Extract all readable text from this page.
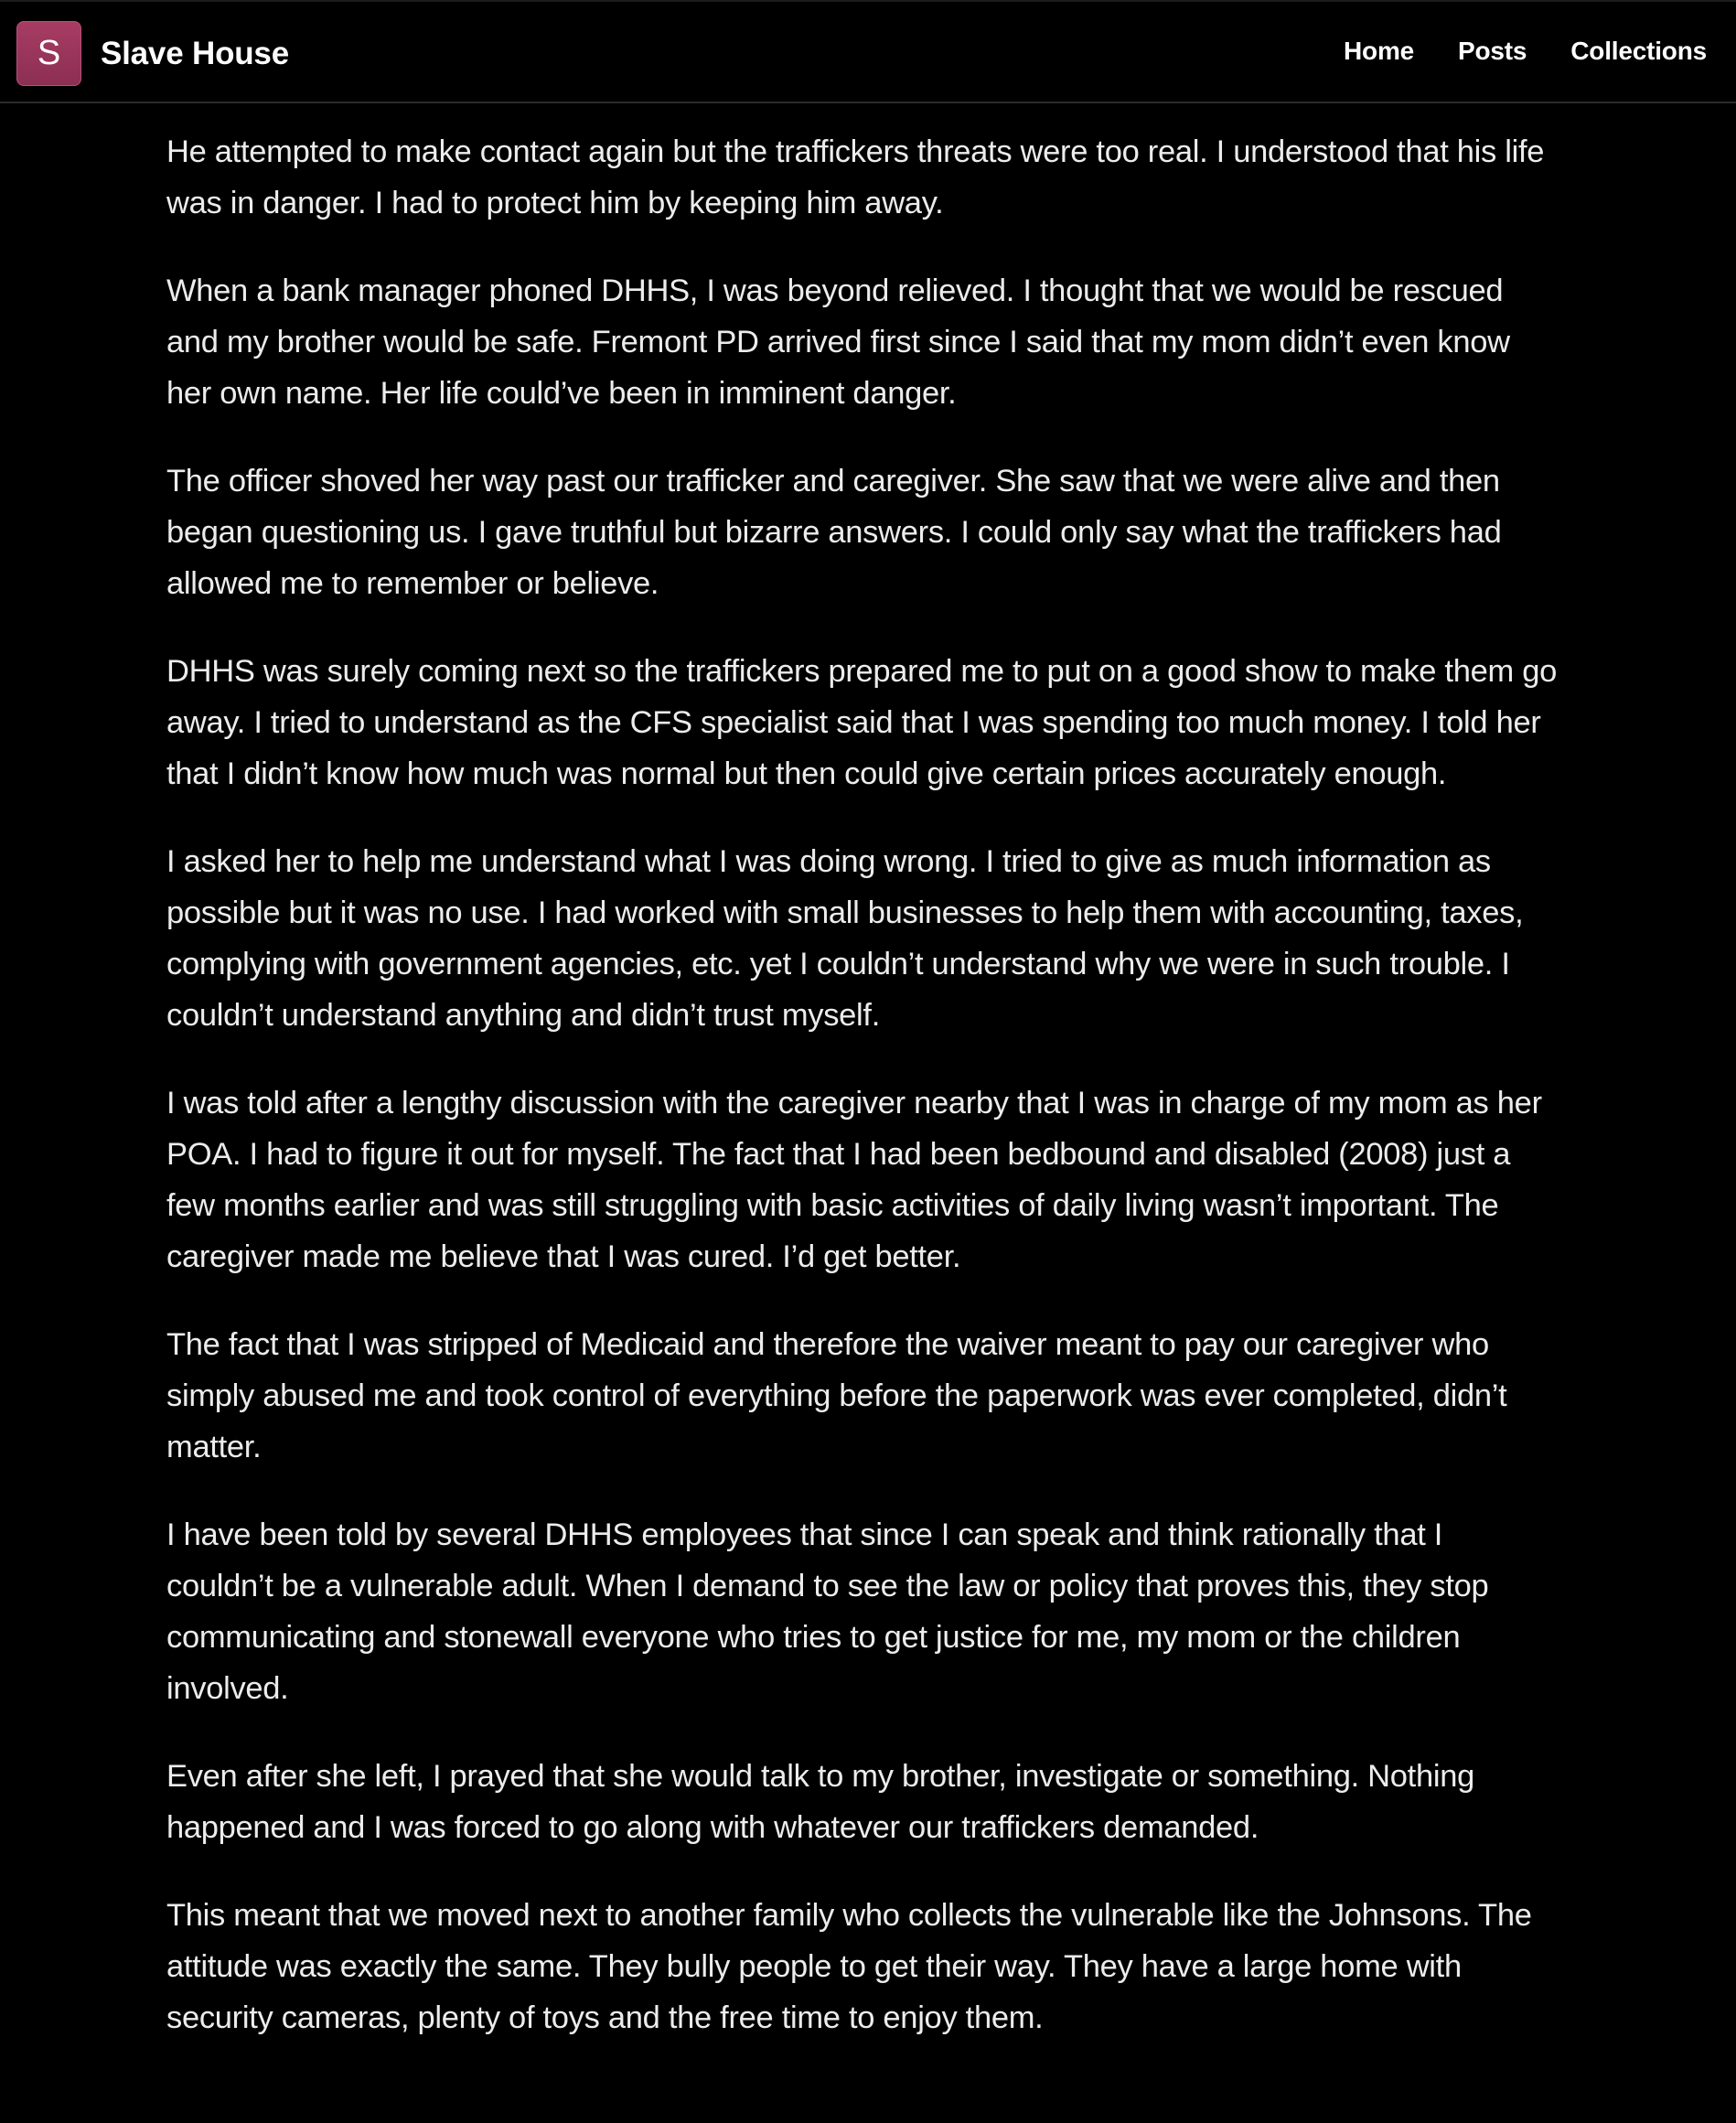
S Slave House	Home Posts Collections

He attempted to make contact again but the traffickers threats were too real. I understood that his life was in danger. I had to protect him by keeping him away.

When a bank manager phoned DHHS, I was beyond relieved. I thought that we would be rescued and my brother would be safe. Fremont PD arrived first since I said that my mom didn’t even know her own name. Her life could’ve been in imminent danger.

The officer shoved her way past our trafficker and caregiver. She saw that we were alive and then began questioning us. I gave truthful but bizarre answers. I could only say what the traffickers had allowed me to remember or believe.

DHHS was surely coming next so the traffickers prepared me to put on a good show to make them go away. I tried to understand as the CFS specialist said that I was spending too much money. I told her that I didn’t know how much was normal but then could give certain prices accurately enough.

I asked her to help me understand what I was doing wrong. I tried to give as much information as possible but it was no use. I had worked with small businesses to help them with accounting, taxes, complying with government agencies, etc. yet I couldn’t understand why we were in such trouble. I couldn’t understand anything and didn’t trust myself.

I was told after a lengthy discussion with the caregiver nearby that I was in charge of my mom as her POA. I had to figure it out for myself. The fact that I had been bedbound and disabled (2008) just a few months earlier and was still struggling with basic activities of daily living wasn’t important. The caregiver made me believe that I was cured. I’d get better.

The fact that I was stripped of Medicaid and therefore the waiver meant to pay our caregiver who simply abused me and took control of everything before the paperwork was ever completed, didn’t matter.

I have been told by several DHHS employees that since I can speak and think rationally that I couldn’t be a vulnerable adult. When I demand to see the law or policy that proves this, they stop communicating and stonewall everyone who tries to get justice for me, my mom or the children involved.

Even after she left, I prayed that she would talk to my brother, investigate or something. Nothing happened and I was forced to go along with whatever our traffickers demanded.

This meant that we moved next to another family who collects the vulnerable like the Johnsons. The attitude was exactly the same. They bully people to get their way. They have a large home with security cameras, plenty of toys and the free time to enjoy them.
